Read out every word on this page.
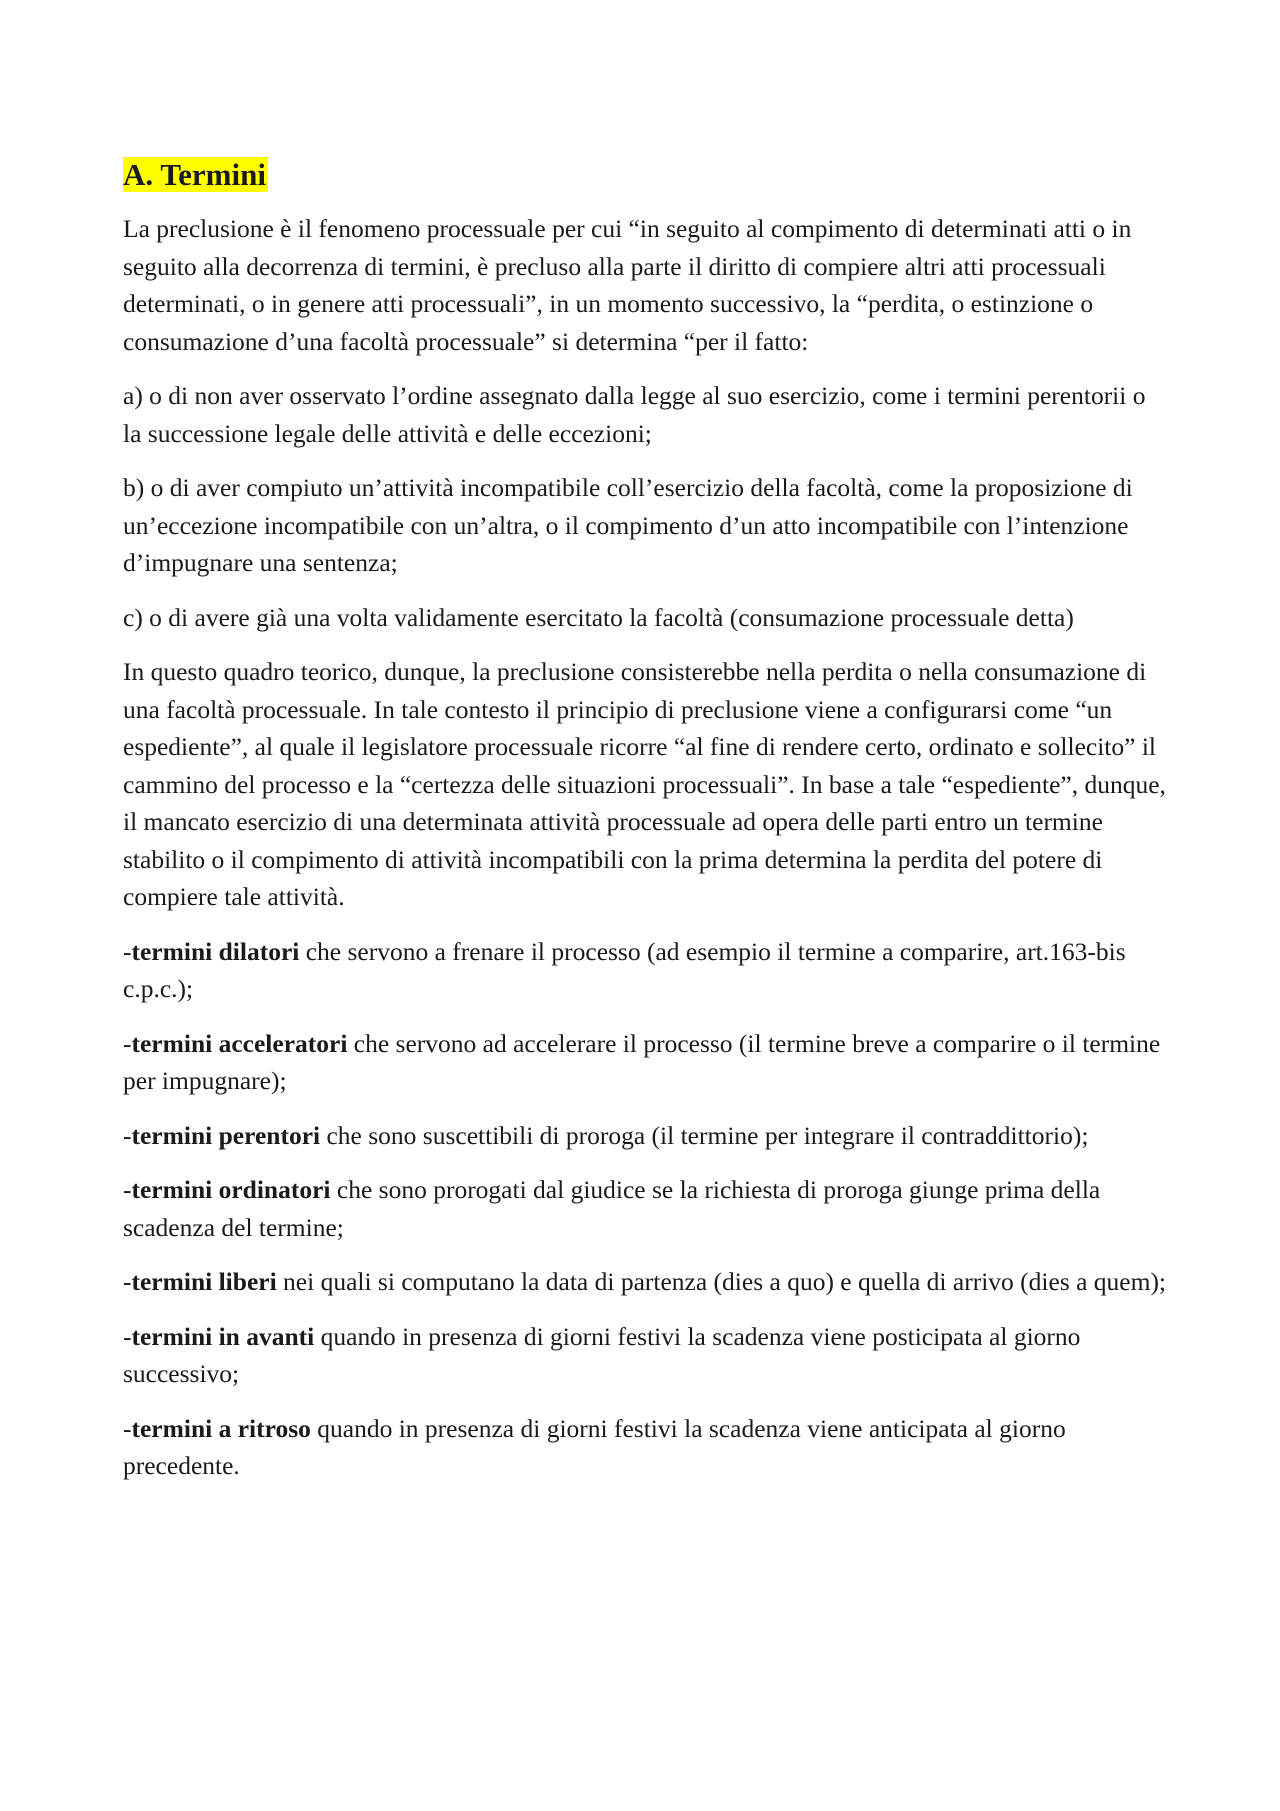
A. Termini

La preclusione è il fenomeno processuale per cui “in seguito al compimento di determinati atti o in seguito alla decorrenza di termini, è precluso alla parte il diritto di compiere altri atti processuali determinati, o in genere atti processuali”, in un momento successivo, la “perdita, o estinzione o consumazione d’una facoltà processuale” si determina “per il fatto:

a) o di non aver osservato l’ordine assegnato dalla legge al suo esercizio, come i termini perentorii o la successione legale delle attività e delle eccezioni;

b) o di aver compiuto un’attività incompatibile coll’esercizio della facoltà, come la proposizione di un’eccezione incompatibile con un’altra, o il compimento d’un atto incompatibile con l’intenzione d’impugnare una sentenza;

c) o di avere già una volta validamente esercitato la facoltà (consumazione processuale detta)

In questo quadro teorico, dunque, la preclusione consisterebbe nella perdita o nella consumazione di una facoltà processuale. In tale contesto il principio di preclusione viene a configurarsi come “un espediente”, al quale il legislatore processuale ricorre “al fine di rendere certo, ordinato e sollecito” il cammino del processo e la “certezza delle situazioni processuali”. In base a tale “espediente”, dunque, il mancato esercizio di una determinata attività processuale ad opera delle parti entro un termine stabilito o il compimento di attività incompatibili con la prima determina la perdita del potere di compiere tale attività.

-termini dilatori che servono a frenare il processo (ad esempio il termine a comparire, art.163-bis c.p.c.);

-termini acceleratori che servono ad accelerare il processo (il termine breve a comparire o il termine per impugnare);

-termini perentori che sono suscettibili di proroga (il termine per integrare il contraddittorio);

-termini ordinatori che sono prorogati dal giudice se la richiesta di proroga giunge prima della scadenza del termine;

-termini liberi nei quali si computano la data di partenza (dies a quo) e quella di arrivo (dies a quem);

-termini in avanti quando in presenza di giorni festivi la scadenza viene posticipata al giorno successivo;

-termini a ritroso quando in presenza di giorni festivi la scadenza viene anticipata al giorno precedente.
